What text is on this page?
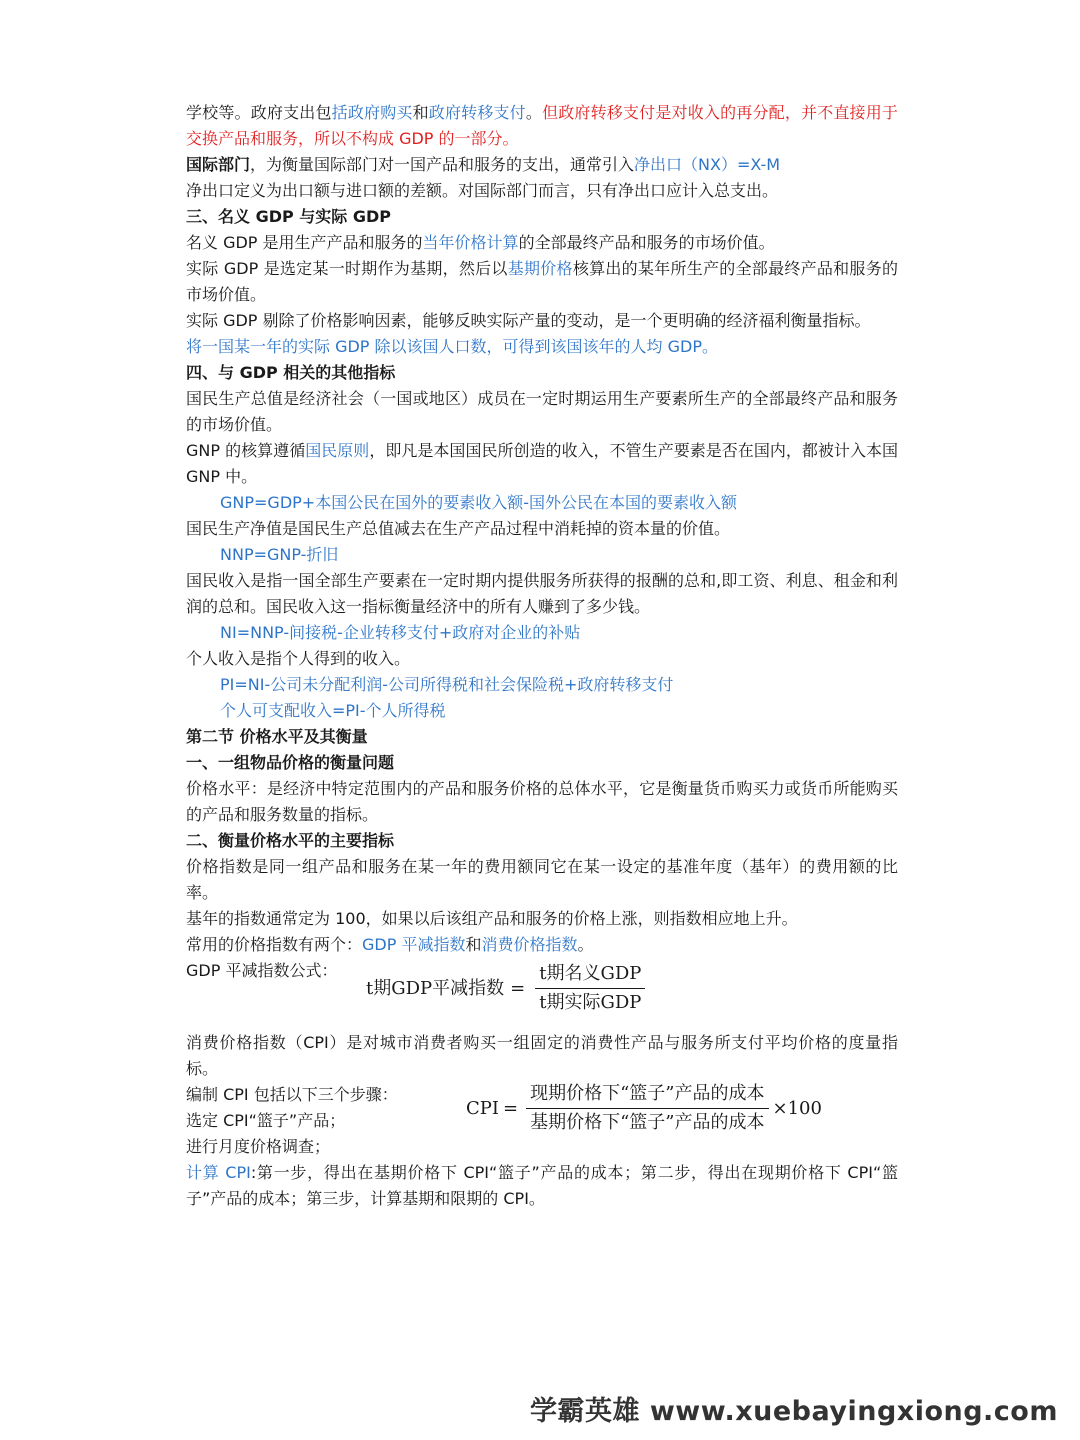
学校等。政府支出包括政府购买和政府转移支付。但政府转移支付是对收入的再分配，并不直接用于交换产品和服务，所以不构成 GDP 的一部分。

国际部门，为衡量国际部门对一国产品和服务的支出，通常引入净出口（NX）=X-M

净出口定义为出口额与进口额的差额。对国际部门而言，只有净出口应计入总支出。

三、名义 GDP 与实际 GDP

名义 GDP 是用生产产品和服务的当年价格计算的全部最终产品和服务的市场价值。

实际 GDP 是选定某一时期作为基期，然后以基期价格核算出的某年所生产的全部最终产品和服务的市场价值。

实际 GDP 剔除了价格影响因素，能够反映实际产量的变动，是一个更明确的经济福利衡量指标。

将一国某一年的实际 GDP 除以该国人口数，可得到该国该年的人均 GDP。

四、与 GDP 相关的其他指标

国民生产总值是经济社会（一国或地区）成员在一定时期运用生产要素所生产的全部最终产品和服务的市场价值。

GNP 的核算遵循国民原则，即凡是本国国民所创造的收入，不管生产要素是否在国内，都被计入本国 GNP 中。

GNP=GDP+本国公民在国外的要素收入额-国外公民在本国的要素收入额

国民生产净值是国民生产总值减去在生产产品过程中消耗掉的资本量的价值。

NNP=GNP-折旧

国民收入是指一国全部生产要素在一定时期内提供服务所获得的报酬的总和,即工资、利息、租金和利润的总和。国民收入这一指标衡量经济中的所有人赚到了多少钱。

NI=NNP-间接税-企业转移支付+政府对企业的补贴

个人收入是指个人得到的收入。

PI=NI-公司未分配利润-公司所得税和社会保险税+政府转移支付

个人可支配收入=PI-个人所得税

第二节 价格水平及其衡量

一、一组物品价格的衡量问题

价格水平：是经济中特定范围内的产品和服务价格的总体水平，它是衡量货币购买力或货币所能购买的产品和服务数量的指标。

二、衡量价格水平的主要指标

价格指数是同一组产品和服务在某一年的费用额同它在某一设定的基准年度（基年）的费用额的比率。

基年的指数通常定为 100，如果以后该组产品和服务的价格上涨，则指数相应地上升。

常用的价格指数有两个：GDP 平减指数和消费价格指数。

GDP 平减指数公式：
t期GDP平减指数 = $\frac{\text{t期名义GDP}}{\text{t期实际GDP}}$

消费价格指数（CPI）是对城市消费者购买一组固定的消费性产品与服务所支付平均价格的度量指标。

编制 CPI 包括以下三个步骤：
选定 CPI“篮子”产品；
进行月度价格调查；
CPI = $\frac{\text{现期价格下“篮子”产品的成本}}{\text{基期价格下“篮子”产品的成本}} \times 100$

计算 CPI:第一步，得出在基期价格下 CPI“篮子”产品的成本；第二步，得出在现期价格下 CPI“篮子”产品的成本；第三步，计算基期和限期的 CPI。

学霸英雄 www.xuebayingxiong.com
